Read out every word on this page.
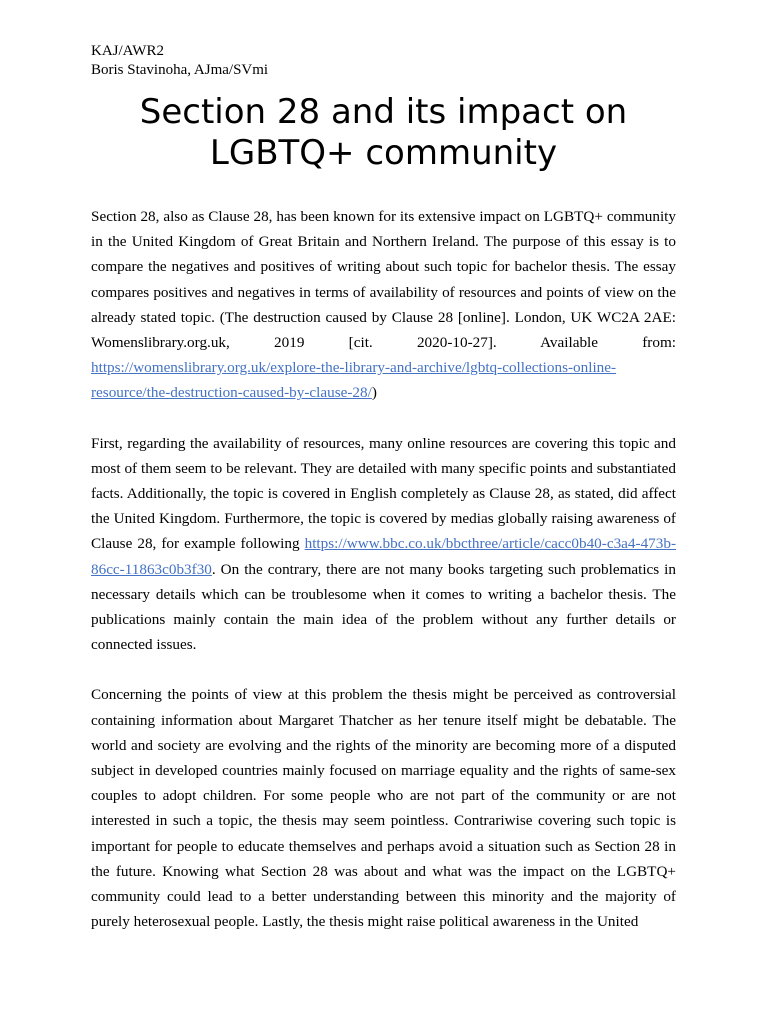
KAJ/AWR2
Boris Stavinoha, AJma/SVmi
Section 28 and its impact on LGBTQ+ community

Section 28, also as Clause 28, has been known for its extensive impact on LGBTQ+ community in the United Kingdom of Great Britain and Northern Ireland. The purpose of this essay is to compare the negatives and positives of writing about such topic for bachelor thesis. The essay compares positives and negatives in terms of availability of resources and points of view on the already stated topic. (The destruction caused by Clause 28 [online]. London, UK WC2A 2AE: Womenslibrary.org.uk, 2019 [cit. 2020-10-27]. Available from: https://womenslibrary.org.uk/explore-the-library-and-archive/lgbtq-collections-online-resource/the-destruction-caused-by-clause-28/)

First, regarding the availability of resources, many online resources are covering this topic and most of them seem to be relevant. They are detailed with many specific points and substantiated facts. Additionally, the topic is covered in English completely as Clause 28, as stated, did affect the United Kingdom. Furthermore, the topic is covered by medias globally raising awareness of Clause 28, for example following https://www.bbc.co.uk/bbcthree/article/cacc0b40-c3a4-473b-86cc-11863c0b3f30. On the contrary, there are not many books targeting such problematics in necessary details which can be troublesome when it comes to writing a bachelor thesis. The publications mainly contain the main idea of the problem without any further details or connected issues.

Concerning the points of view at this problem the thesis might be perceived as controversial containing information about Margaret Thatcher as her tenure itself might be debatable. The world and society are evolving and the rights of the minority are becoming more of a disputed subject in developed countries mainly focused on marriage equality and the rights of same-sex couples to adopt children. For some people who are not part of the community or are not interested in such a topic, the thesis may seem pointless. Contrariwise covering such topic is important for people to educate themselves and perhaps avoid a situation such as Section 28 in the future. Knowing what Section 28 was about and what was the impact on the LGBTQ+ community could lead to a better understanding between this minority and the majority of purely heterosexual people. Lastly, the thesis might raise political awareness in the United
